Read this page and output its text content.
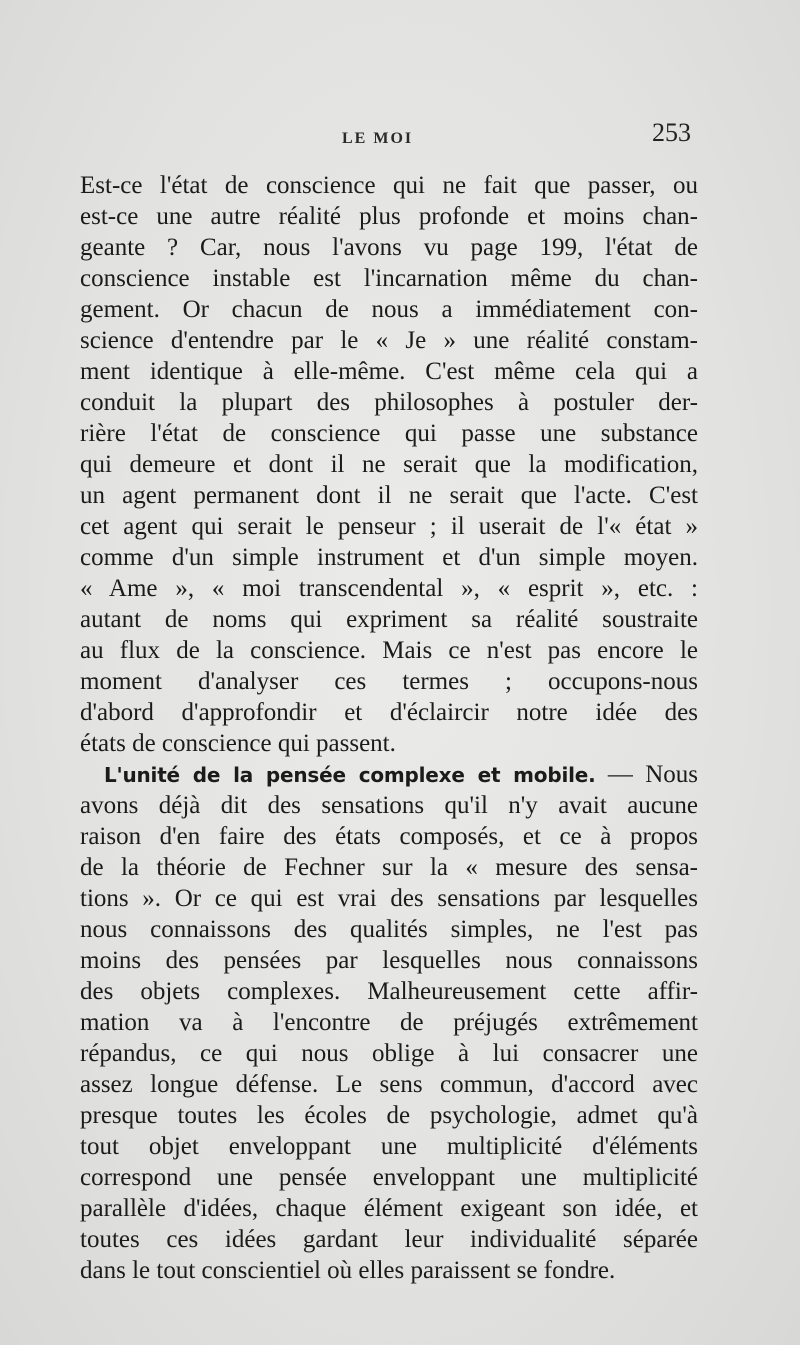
LE MOI	253
Est-ce l'état de conscience qui ne fait que passer, ou
est-ce une autre réalité plus profonde et moins chan-
geante ? Car, nous l'avons vu page 199, l'état de
conscience instable est l'incarnation même du chan-
gement. Or chacun de nous a immédiatement con-
science d'entendre par le « Je » une réalité constam-
ment identique à elle-même. C'est même cela qui a
conduit la plupart des philosophes à postuler der-
rière l'état de conscience qui passe une substance
qui demeure et dont il ne serait que la modification,
un agent permanent dont il ne serait que l'acte. C'est
cet agent qui serait le penseur ; il userait de l'« état »
comme d'un simple instrument et d'un simple moyen.
« Ame », « moi transcendental », « esprit », etc. :
autant de noms qui expriment sa réalité soustraite
au flux de la conscience. Mais ce n'est pas encore le
moment d'analyser ces termes ; occupons-nous
d'abord d'approfondir et d'éclaircir notre idée des
états de conscience qui passent.
L'unité de la pensée complexe et mobile. — Nous
avons déjà dit des sensations qu'il n'y avait aucune
raison d'en faire des états composés, et ce à propos
de la théorie de Fechner sur la « mesure des sensa-
tions ». Or ce qui est vrai des sensations par lesquelles
nous connaissons des qualités simples, ne l'est pas
moins des pensées par lesquelles nous connaissons
des objets complexes. Malheureusement cette affir-
mation va à l'encontre de préjugés extrêmement
répandus, ce qui nous oblige à lui consacrer une
assez longue défense. Le sens commun, d'accord avec
presque toutes les écoles de psychologie, admet qu'à
tout objet enveloppant une multiplicité d'éléments
correspond une pensée enveloppant une multiplicité
parallèle d'idées, chaque élément exigeant son idée, et
toutes ces idées gardant leur individualité séparée
dans le tout conscientiel où elles paraissent se fondre.
